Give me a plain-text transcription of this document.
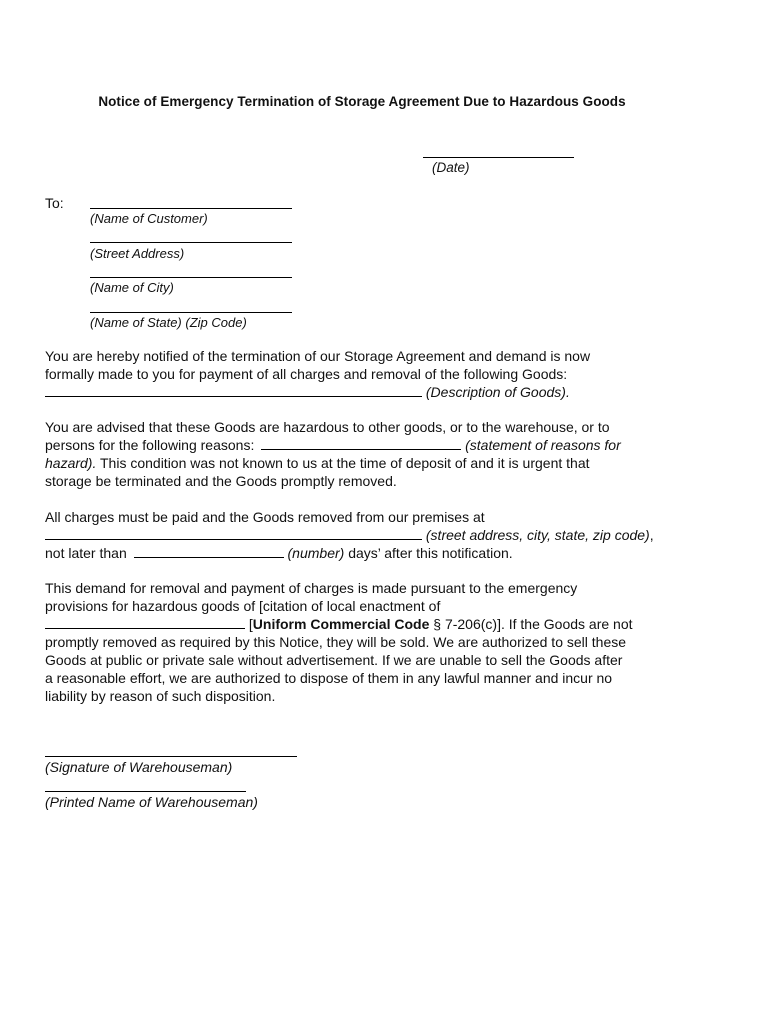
Notice of Emergency Termination of Storage Agreement Due to Hazardous Goods
(Date)
To:
(Name of Customer)
(Street Address)
(Name of City)
(Name of State) (Zip Code)
You are hereby notified of the termination of our Storage Agreement and demand is now
formally made to you for payment of all charges and removal of the following Goods:
(Description of Goods).
You are advised that these Goods are hazardous to other goods, or to the warehouse, or to
persons for the following reasons:	(statement of reasons for
hazard). This condition was not known to us at the time of deposit of and it is urgent that
storage be terminated and the Goods promptly removed.
All charges must be paid and the Goods removed from our premises at
(street address, city, state, zip code),
not later than	(number) days’ after this notification.
This demand for removal and payment of charges is made pursuant to the emergency
provisions for hazardous goods of [citation of local enactment of
[Uniform Commercial Code § 7-206(c)]. If the Goods are not
promptly removed as required by this Notice, they will be sold. We are authorized to sell these
Goods at public or private sale without advertisement. If we are unable to sell the Goods after
a reasonable effort, we are authorized to dispose of them in any lawful manner and incur no
liability by reason of such disposition.
(Signature of Warehouseman)
(Printed Name of Warehouseman)
